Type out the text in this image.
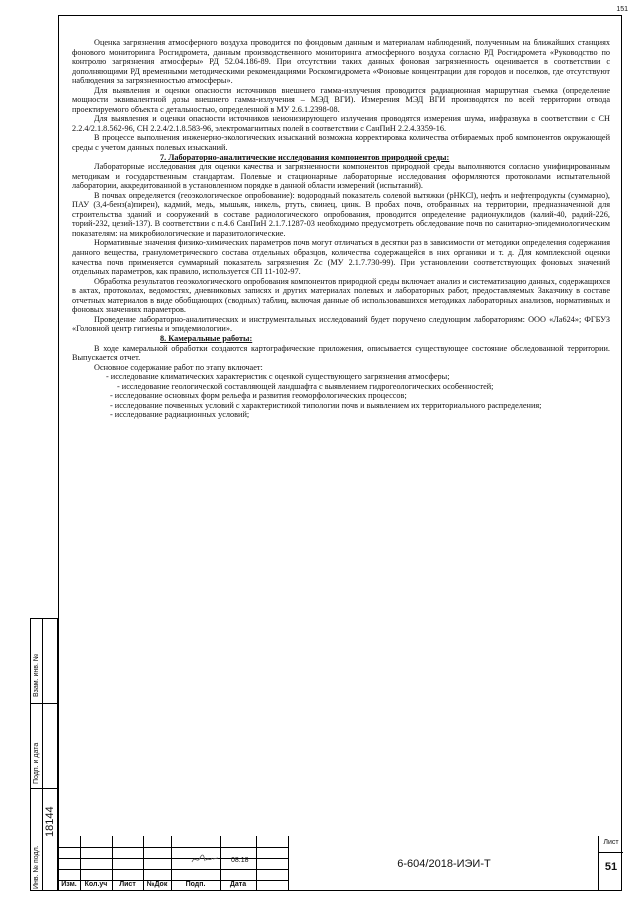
151

Оценка загрязнения атмосферного воздуха проводится по фондовым данным и материалам наблюдений, полученным на ближайших станциях фонового мониторинга Росгидромета, данным производственного мониторинга атмосферного воздуха согласно РД Росгидромета «Руководство по контролю загрязнения атмосферы» РД 52.04.186-89. При отсутствии таких данных фоновая загрязненность оценивается в соответствии с дополняющими РД временными методическими рекомендациями Роскомгидромета «Фоновые концентрации для городов и поселков, где отсутствуют наблюдения за загрязненностью атмосферы».

Для выявления и оценки опасности источников внешнего гамма-излучения проводится радиационная маршрутная съемка (определение мощности эквивалентной дозы внешнего гамма-излучения – МЭД ВГИ). Измерения МЭД ВГИ производятся по всей территории отвода проектируемого объекта с детальностью, определенной в МУ 2.6.1.2398-08.

Для выявления и оценки опасности источников неионизирующего излучения проводятся измерения шума, инфразвука в соответствии с СН 2.2.4/2.1.8.562-96, СН 2.2.4/2.1.8.583-96, электромагнитных полей в соответствии с СанПиН 2.2.4.3359-16.

В процессе выполнения инженерно-экологических изысканий возможна корректировка количества отбираемых проб компонентов окружающей среды с учетом данных полевых изысканий.

7. Лабораторно-аналитические исследования компонентов природной среды:

Лабораторные исследования для оценки качества и загрязненности компонентов природной среды выполняются согласно унифицированным методикам и государственным стандартам. Полевые и стационарные лабораторные исследования оформляются протоколами испытательной лаборатории, аккредитованной в установленном порядке в данной области измерений (испытаний).

В почвах определяется (геоэкологическое опробование): водородный показатель солевой вытяжки (рНKCl), нефть и нефтепродукты (суммарно), ПАУ (3,4-бенз(а)пирен), кадмий, медь, мышьяк, никель, ртуть, свинец, цинк. В пробах почв, отобранных на территории, предназначенной для строительства зданий и сооружений в составе радиологического опробования, проводится определение радионуклидов (калий-40, радий-226, торий-232, цезий-137). В соответствии с п.4.6 СанПиН 2.1.7.1287-03 необходимо предусмотреть обследование почв по санитарно-эпидемиологическим показателям: на микробиологические и паразитологические.

Нормативные значения физико-химических параметров почв могут отличаться в десятки раз в зависимости от методики определения содержания данного вещества, гранулометрического состава отдельных образцов, количества содержащейся в них органики и т. д. Для комплексной оценки качества почв применяется суммарный показатель загрязнения Zc (МУ 2.1.7.730-99). При установлении соответствующих фоновых значений отдельных параметров, как правило, используется СП 11-102-97.

Обработка результатов геоэкологического опробования компонентов природной среды включает анализ и систематизацию данных, содержащихся в актах, протоколах, ведомостях, дневниковых записях и других материалах полевых и лабораторных работ, предоставляемых Заказчику в составе отчетных материалов в виде обобщающих (сводных) таблиц, включая данные об использовавшихся методиках лабораторных анализов, нормативных и фоновых значениях параметров.

Проведение лабораторно-аналитических и инструментальных исследований будет поручено следующим лабораториям: ООО «Ла624»; ФГБУЗ «Головной центр гигиены и эпидемиологии».

8. Камеральные работы:

В ходе камеральной обработки создаются картографические приложения, описывается существующее состояние обследованной территории. Выпускается отчет.

Основное содержание работ по этапу включает:

- исследование климатических характеристик с оценкой существующего загрязнения атмосферы;

- исследование геологической составляющей ландшафта с выявлением гидрогеологических особенностей;

- исследование основных форм рельефа и развития геоморфологических процессов;

- исследование почвенных условий с характеристикой типологии почв и выявлением их территориального распределения;

- исследование радиационных условий;

Взам. инв. №
Подп. и дата
Инв. № подл.
18144
Изм.	Кол.уч	Лист	№Док	Подп.	Дата
08.18	6-604/2018-ИЭИ-Т
Лист
51
